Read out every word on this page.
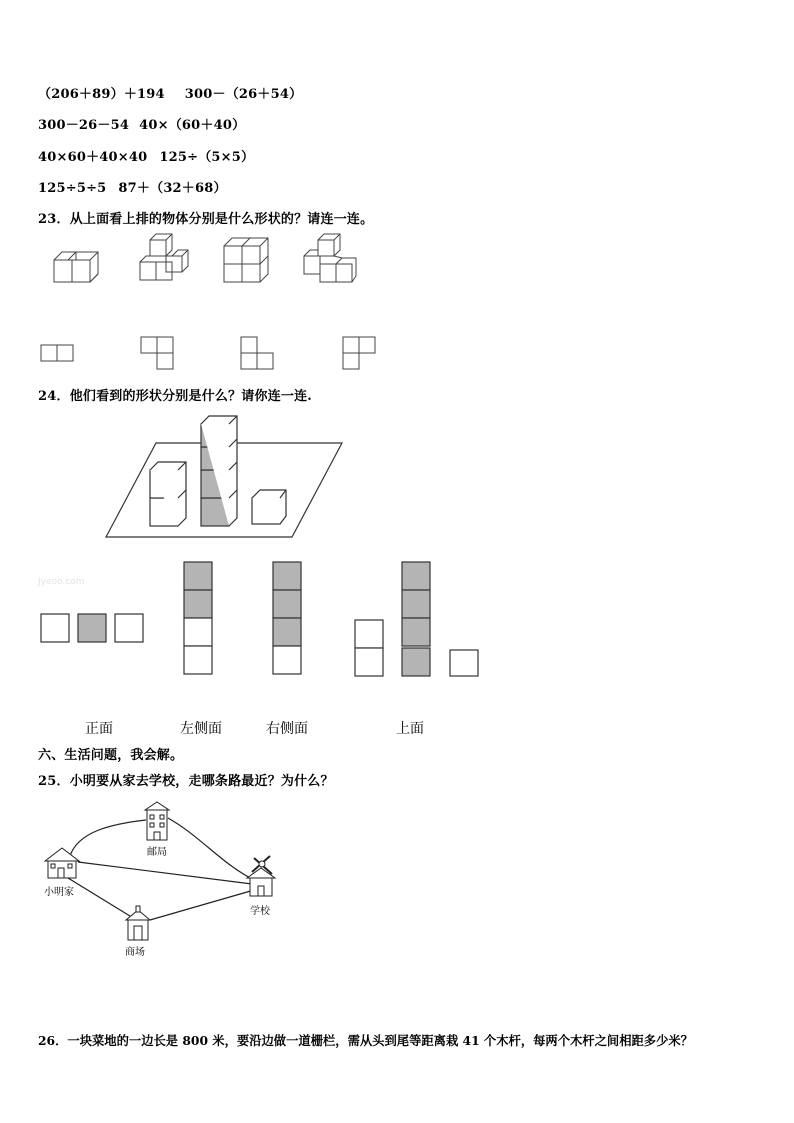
（206＋89）＋194 300－（26＋54）
300－26－54 40×（60＋40）
40×60＋40×40 125÷（5×5）
125÷5÷5 87＋（32＋68）
23．从上面看上排的物体分别是什么形状的？请连一连。
24．他们看到的形状分别是什么？请你连一连.
Jyeoo.com
正面	左侧面	右侧面	上面
六、生活问题，我会解。
25．小明要从家去学校，走哪条路最近？为什么？
邮局
小明家
学校
商场
26．一块菜地的一边长是 800 米，要沿边做一道栅栏，需从头到尾等距离栽 41 个木杆，每两个木杆之间相距多少米？
